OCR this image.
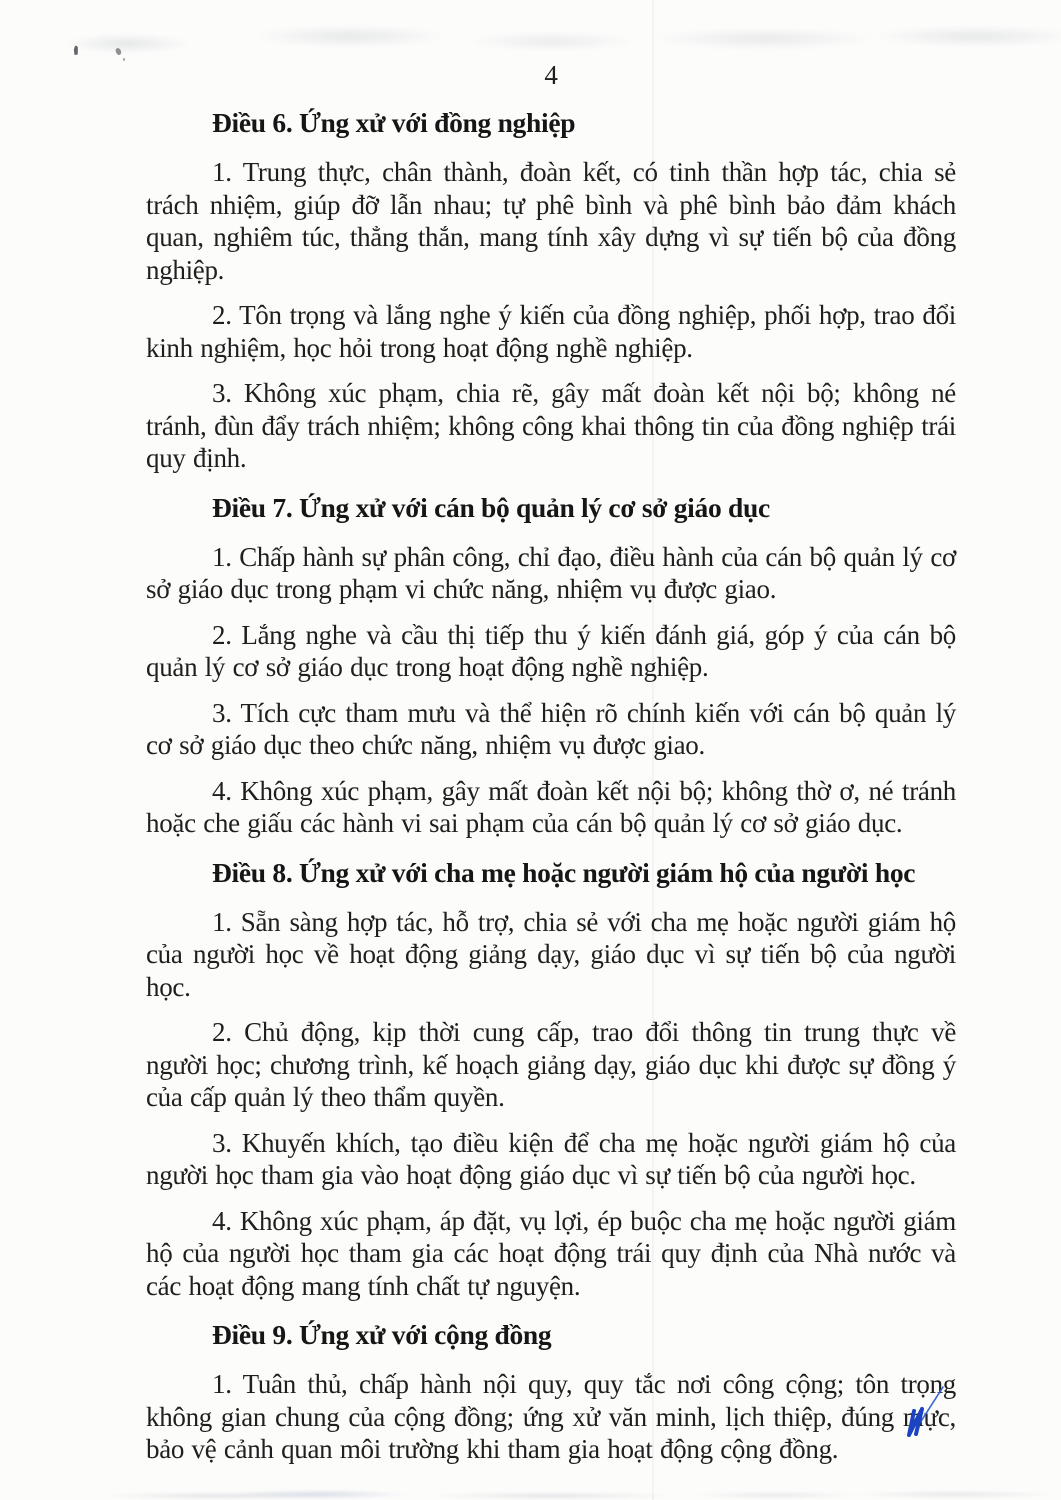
4
Điều 6. Ứng xử với đồng nghiệp

1. Trung thực, chân thành, đoàn kết, có tinh thần hợp tác, chia sẻ trách nhiệm, giúp đỡ lẫn nhau; tự phê bình và phê bình bảo đảm khách quan, nghiêm túc, thẳng thắn, mang tính xây dựng vì sự tiến bộ của đồng nghiệp.

2. Tôn trọng và lắng nghe ý kiến của đồng nghiệp, phối hợp, trao đổi kinh nghiệm, học hỏi trong hoạt động nghề nghiệp.

3. Không xúc phạm, chia rẽ, gây mất đoàn kết nội bộ; không né tránh, đùn đẩy trách nhiệm; không công khai thông tin của đồng nghiệp trái quy định.

Điều 7. Ứng xử với cán bộ quản lý cơ sở giáo dục

1. Chấp hành sự phân công, chỉ đạo, điều hành của cán bộ quản lý cơ sở giáo dục trong phạm vi chức năng, nhiệm vụ được giao.

2. Lắng nghe và cầu thị tiếp thu ý kiến đánh giá, góp ý của cán bộ quản lý cơ sở giáo dục trong hoạt động nghề nghiệp.

3. Tích cực tham mưu và thể hiện rõ chính kiến với cán bộ quản lý cơ sở giáo dục theo chức năng, nhiệm vụ được giao.

4. Không xúc phạm, gây mất đoàn kết nội bộ; không thờ ơ, né tránh hoặc che giấu các hành vi sai phạm của cán bộ quản lý cơ sở giáo dục.

Điều 8. Ứng xử với cha mẹ hoặc người giám hộ của người học

1. Sẵn sàng hợp tác, hỗ trợ, chia sẻ với cha mẹ hoặc người giám hộ của người học về hoạt động giảng dạy, giáo dục vì sự tiến bộ của người học.

2. Chủ động, kịp thời cung cấp, trao đổi thông tin trung thực về người học; chương trình, kế hoạch giảng dạy, giáo dục khi được sự đồng ý của cấp quản lý theo thẩm quyền.

3. Khuyến khích, tạo điều kiện để cha mẹ hoặc người giám hộ của người học tham gia vào hoạt động giáo dục vì sự tiến bộ của người học.

4. Không xúc phạm, áp đặt, vụ lợi, ép buộc cha mẹ hoặc người giám hộ của người học tham gia các hoạt động trái quy định của Nhà nước và các hoạt động mang tính chất tự nguyện.

Điều 9. Ứng xử với cộng đồng

1. Tuân thủ, chấp hành nội quy, quy tắc nơi công cộng; tôn trọng không gian chung của cộng đồng; ứng xử văn minh, lịch thiệp, đúng mực, bảo vệ cảnh quan môi trường khi tham gia hoạt động cộng đồng.
